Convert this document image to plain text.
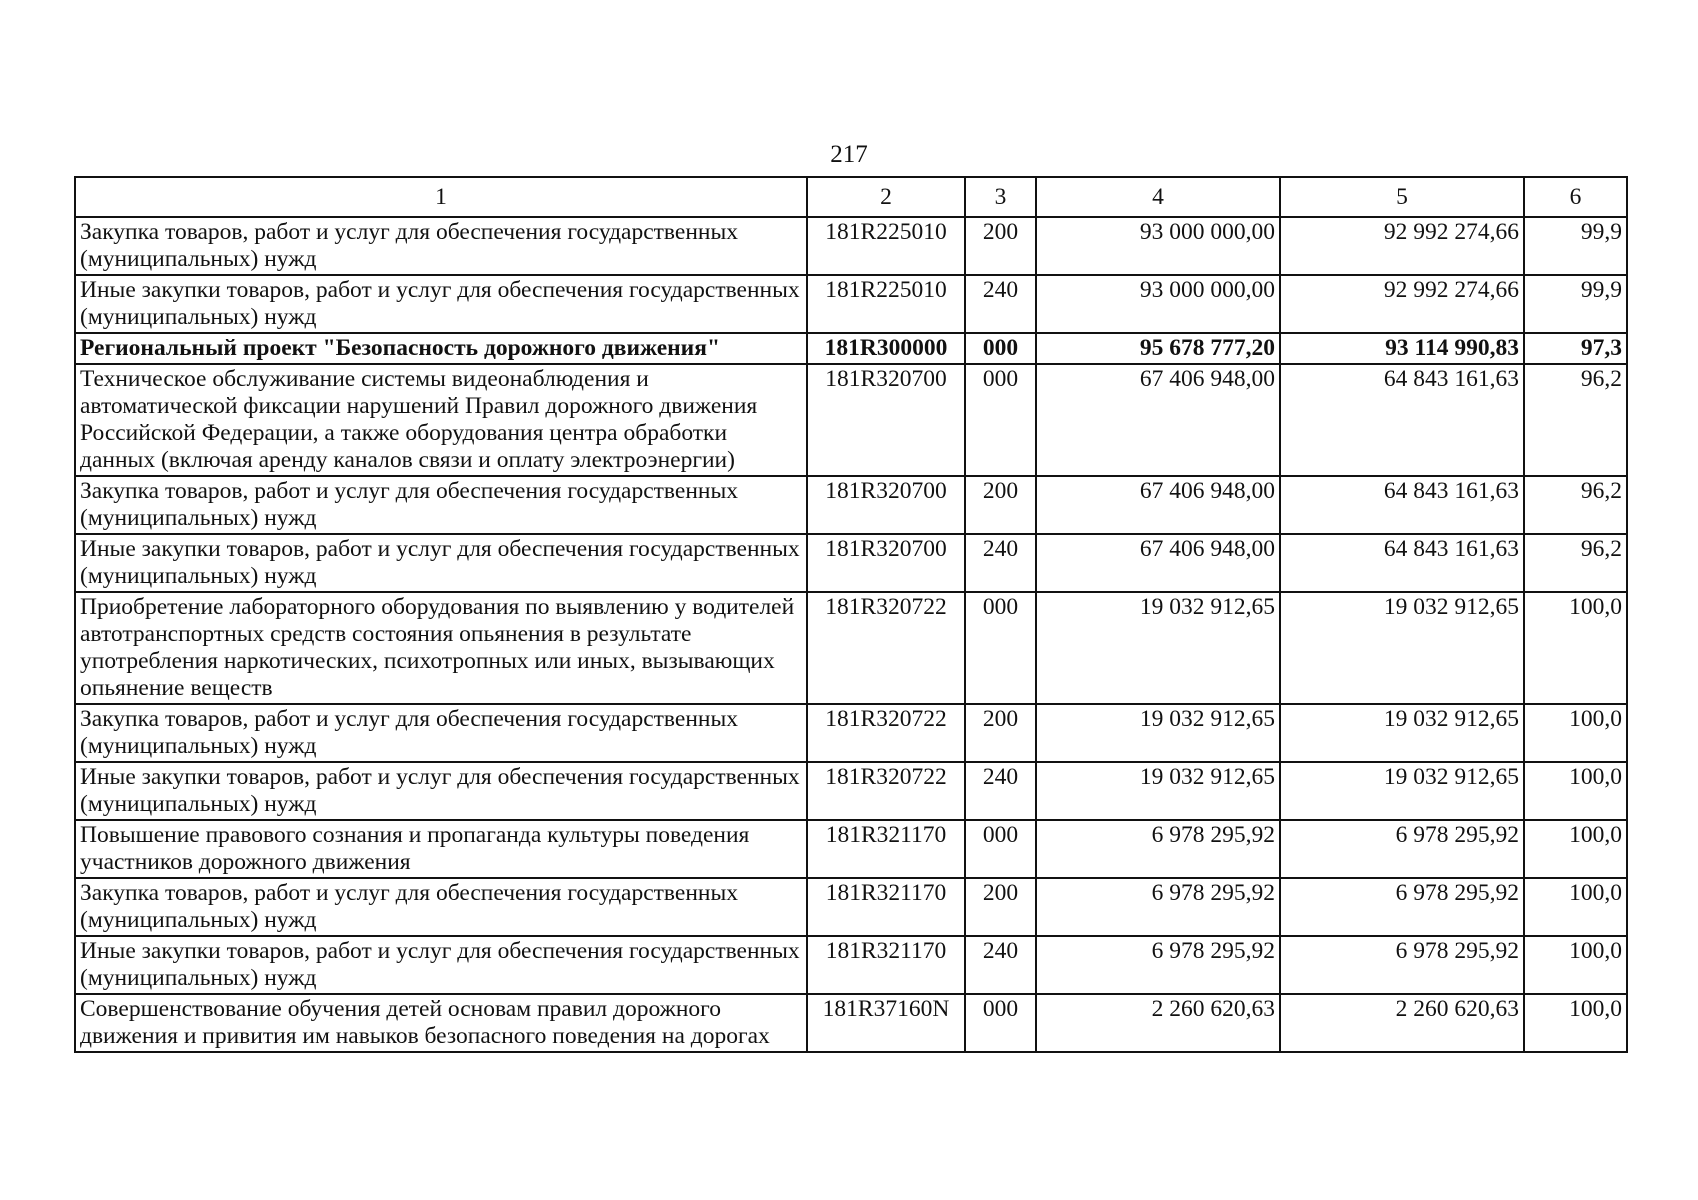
217
1	2	3	4	5	6
Закупка товаров, работ и услуг для обеспечения государственных (муниципальных) нужд	181R225010	200	93 000 000,00	92 992 274,66	99,9
Иные закупки товаров, работ и услуг для обеспечения государственных (муниципальных) нужд	181R225010	240	93 000 000,00	92 992 274,66	99,9
Региональный проект "Безопасность дорожного движения"	181R300000	000	95 678 777,20	93 114 990,83	97,3
Техническое обслуживание системы видеонаблюдения и автоматической фиксации нарушений Правил дорожного движения Российской Федерации, а также оборудования центра обработки данных (включая аренду каналов связи и оплату электроэнергии)	181R320700	000	67 406 948,00	64 843 161,63	96,2
Закупка товаров, работ и услуг для обеспечения государственных (муниципальных) нужд	181R320700	200	67 406 948,00	64 843 161,63	96,2
Иные закупки товаров, работ и услуг для обеспечения государственных (муниципальных) нужд	181R320700	240	67 406 948,00	64 843 161,63	96,2
Приобретение лабораторного оборудования по выявлению у водителей автотранспортных средств состояния опьянения в результате употребления наркотических, психотропных или иных, вызывающих опьянение веществ	181R320722	000	19 032 912,65	19 032 912,65	100,0
Закупка товаров, работ и услуг для обеспечения государственных (муниципальных) нужд	181R320722	200	19 032 912,65	19 032 912,65	100,0
Иные закупки товаров, работ и услуг для обеспечения государственных (муниципальных) нужд	181R320722	240	19 032 912,65	19 032 912,65	100,0
Повышение правового сознания и пропаганда культуры поведения участников дорожного движения	181R321170	000	6 978 295,92	6 978 295,92	100,0
Закупка товаров, работ и услуг для обеспечения государственных (муниципальных) нужд	181R321170	200	6 978 295,92	6 978 295,92	100,0
Иные закупки товаров, работ и услуг для обеспечения государственных (муниципальных) нужд	181R321170	240	6 978 295,92	6 978 295,92	100,0
Совершенствование обучения детей основам правил дорожного движения и привития им навыков безопасного поведения на дорогах	181R37160N	000	2 260 620,63	2 260 620,63	100,0
